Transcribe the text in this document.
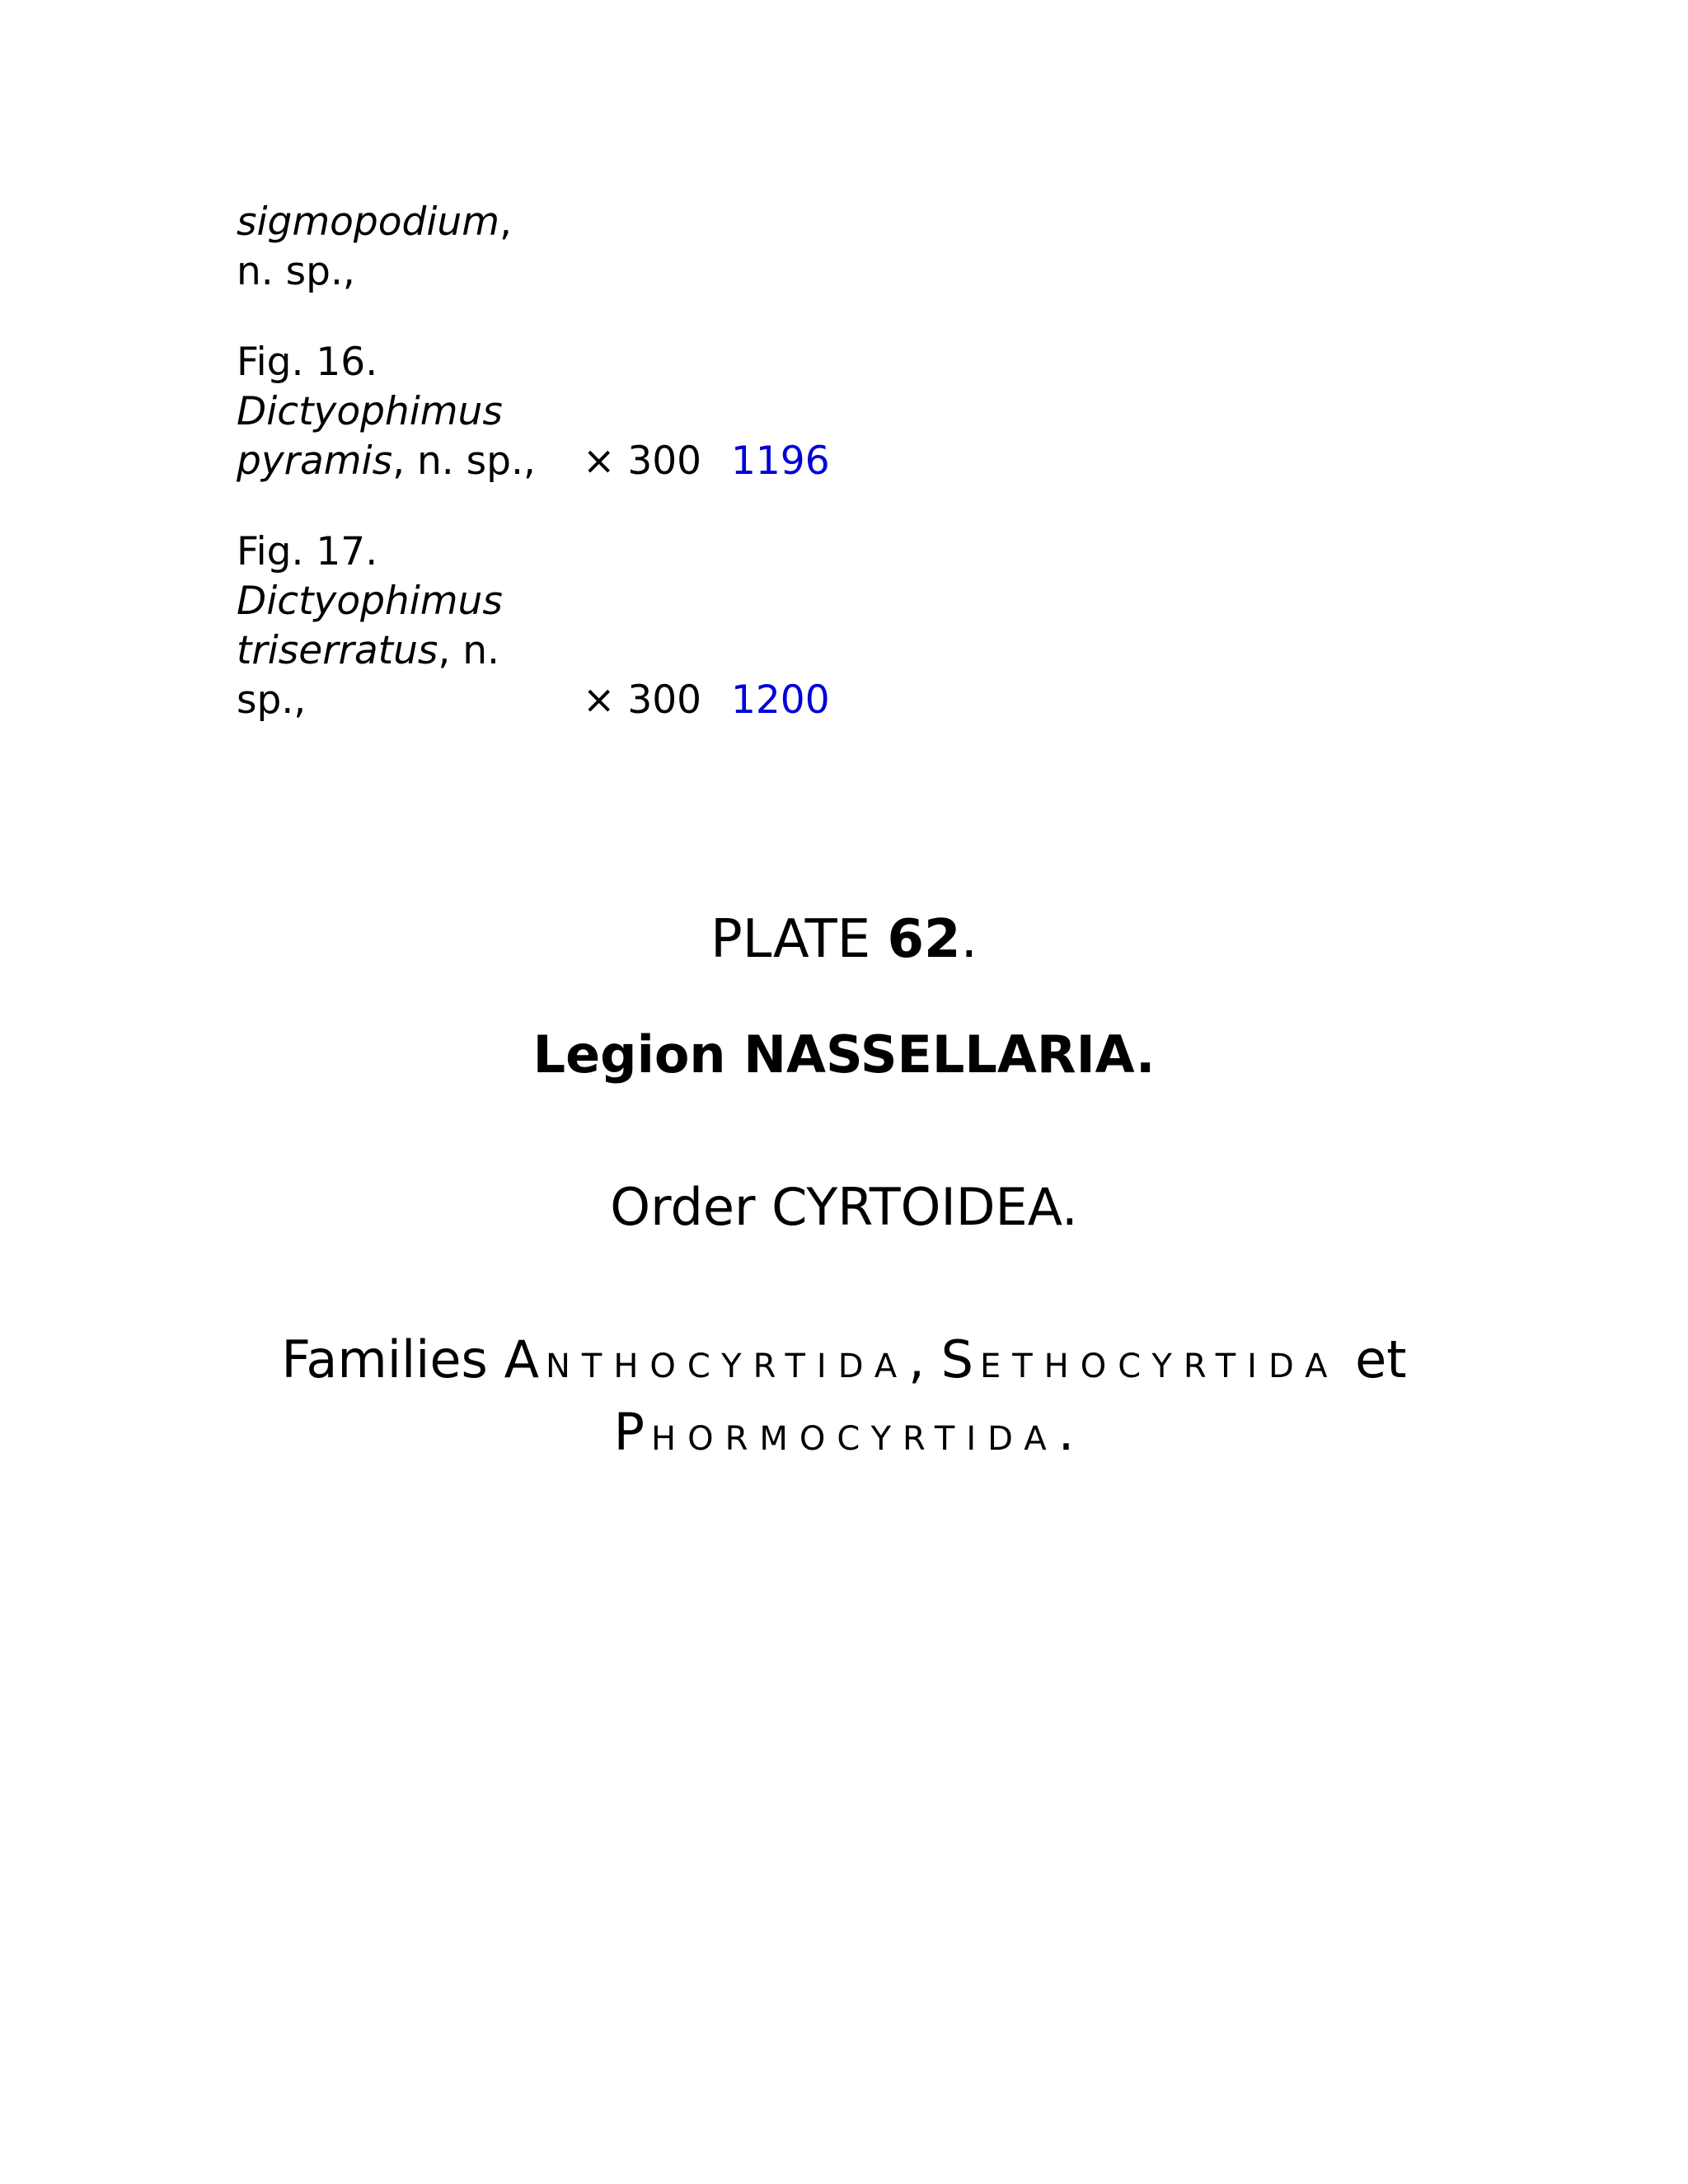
sigmopodium,
n. sp.,
Fig. 16.
Dictyophimus
pyramis, n. sp.,	× 300 1196
Fig. 17.
Dictyophimus
triserratus, n.
sp.,	× 300 1200
PLATE 62.
Legion NASSELLARIA.
Order CYRTOIDEA.
Families ANTHOCYRTIDA, SETHOCYRTIDA et
PHORMOCYRTIDA.
